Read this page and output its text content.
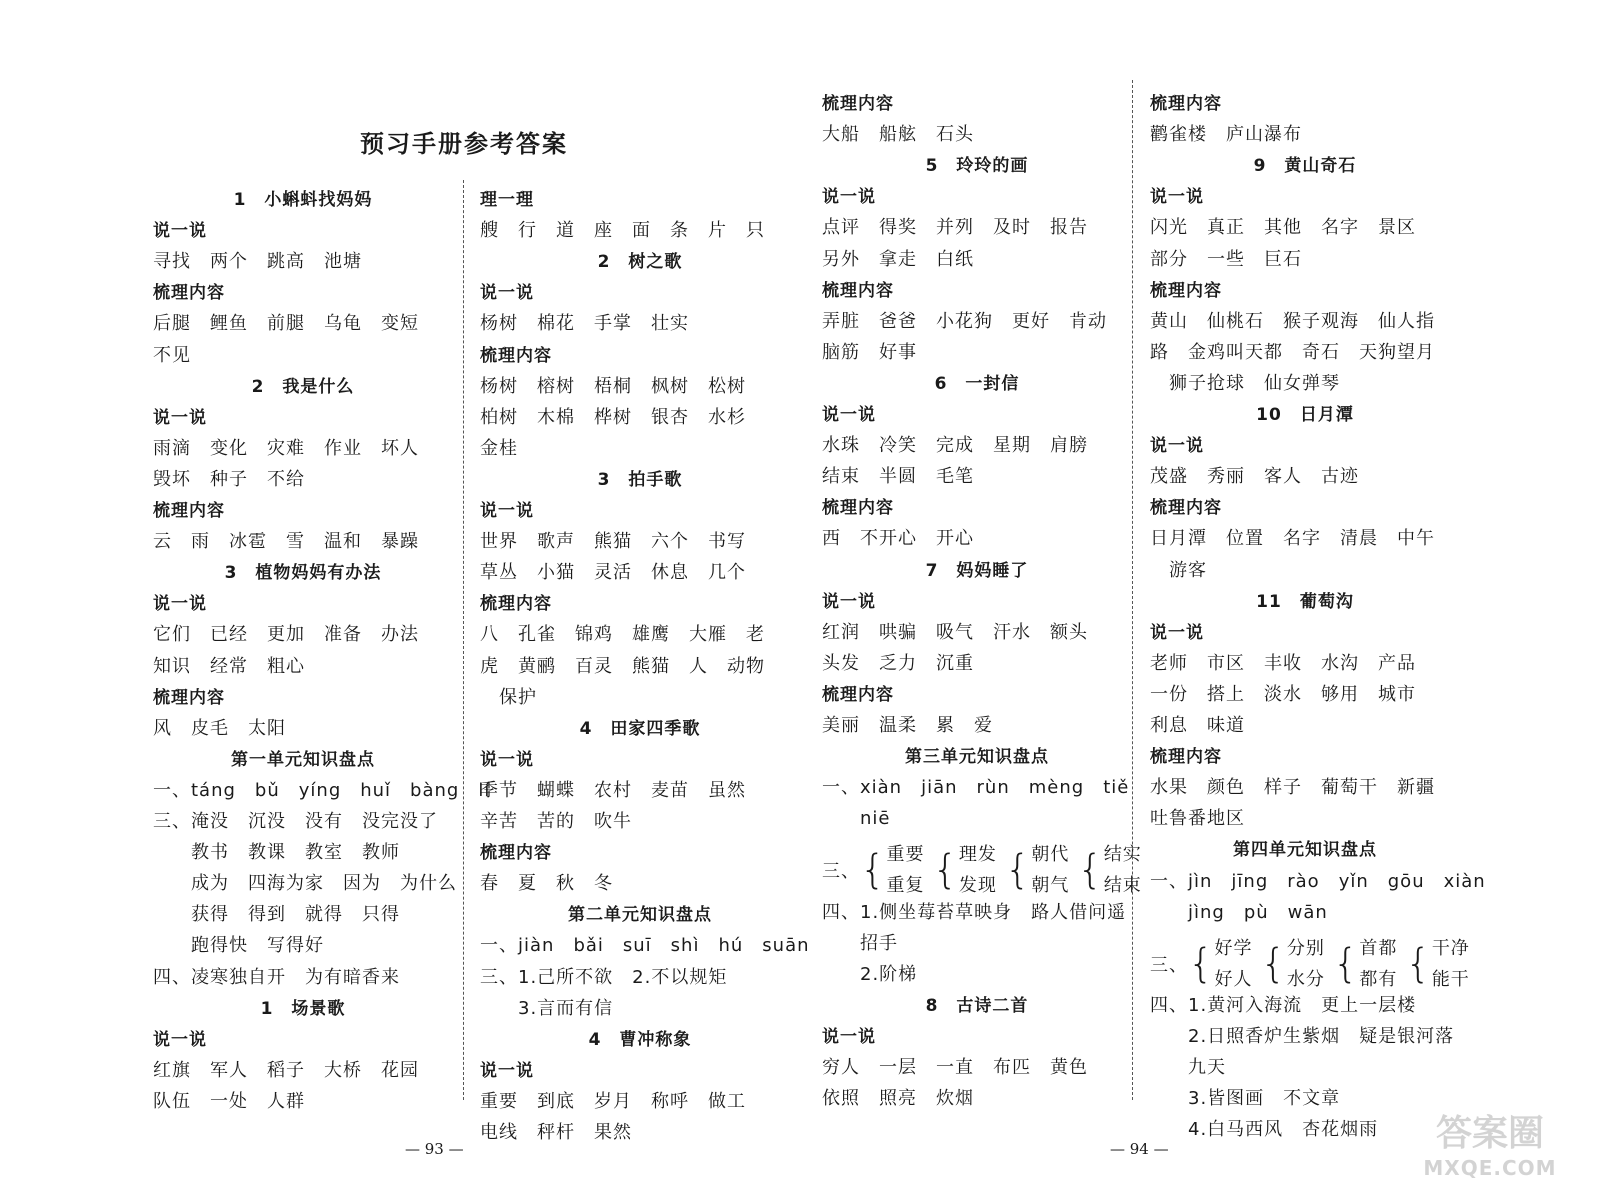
预习手册参考答案
1　小蝌蚪找妈妈
说一说
寻找　两个　跳高　池塘
梳理内容
后腿　鲤鱼　前腿　乌龟　变短
不见
2　我是什么
说一说
雨滴　变化　灾难　作业　坏人
毁坏　种子　不给
梳理内容
云　雨　冰雹　雪　温和　暴躁
3　植物妈妈有办法
说一说
它们　已经　更加　准备　办法
知识　经常　粗心
梳理内容
风　皮毛　太阳
第一单元知识盘点
一、táng　bǔ　yíng　huǐ　bàng　lí
三、淹没　沉没　没有　没完没了
　　教书　教课　教室　教师
　　成为　四海为家　因为　为什么
　　获得　得到　就得　只得
　　跑得快　写得好
四、凌寒独自开　为有暗香来
1　场景歌
说一说
红旗　军人　稻子　大桥　花园
队伍　一处　人群
理一理
艘　行　道　座　面　条　片　只
2　树之歌
说一说
杨树　棉花　手掌　壮实
梳理内容
杨树　榕树　梧桐　枫树　松树
柏树　木棉　桦树　银杏　水杉
金桂
3　拍手歌
说一说
世界　歌声　熊猫　六个　书写
草丛　小猫　灵活　休息　几个
梳理内容
八　孔雀　锦鸡　雄鹰　大雁　老
虎　黄鹂　百灵　熊猫　人　动物
　保护
4　田家四季歌
说一说
季节　蝴蝶　农村　麦苗　虽然
辛苦　苦的　吹牛
梳理内容
春　夏　秋　冬
第二单元知识盘点
一、jiàn　bǎi　suī　shì　hú　suān
三、1.己所不欲　2.不以规矩
　　3.言而有信
4　曹冲称象
说一说
重要　到底　岁月　称呼　做工
电线　秤杆　果然
梳理内容
大船　船舷　石头
5　玲玲的画
说一说
点评　得奖　并列　及时　报告
另外　拿走　白纸
梳理内容
弄脏　爸爸　小花狗　更好　肯动
脑筋　好事
6　一封信
说一说
水珠　冷笑　完成　星期　肩膀
结束　半圆　毛笔
梳理内容
西　不开心　开心
7　妈妈睡了
说一说
红润　哄骗　吸气　汗水　额头
头发　乏力　沉重
梳理内容
美丽　温柔　累　爱
第三单元知识盘点
一、xiàn　jiān　rùn　mèng　tiě
　　niē
三、 { 重要
重复 { 理发
发现 { 朝代
朝气 { 结实
结束
四、1.侧坐莓苔草映身　路人借问遥
　　招手
　　2.阶梯
8　古诗二首
说一说
穷人　一层　一直　布匹　黄色
依照　照亮　炊烟
梳理内容
鹳雀楼　庐山瀑布
9　黄山奇石
说一说
闪光　真正　其他　名字　景区
部分　一些　巨石
梳理内容
黄山　仙桃石　猴子观海　仙人指
路　金鸡叫天都　奇石　天狗望月
　狮子抢球　仙女弹琴
10　日月潭
说一说
茂盛　秀丽　客人　古迹
梳理内容
日月潭　位置　名字　清晨　中午
　游客
11　葡萄沟
说一说
老师　市区　丰收　水沟　产品
一份　搭上　淡水　够用　城市
利息　味道
梳理内容
水果　颜色　样子　葡萄干　新疆
吐鲁番地区
第四单元知识盘点
一、jìn　jīng　rào　yǐn　gōu　xiàn
　　jìng　pù　wān
三、 { 好学
好人 { 分别
水分 { 首都
都有 { 干净
能干
四、1.黄河入海流　更上一层楼
　　2.日照香炉生紫烟　疑是银河落
　　九天
　　3.皆图画　不文章
　　4.白马西风　杏花烟雨
— 93 —	— 94 —	答案圈
MXQE.COM
